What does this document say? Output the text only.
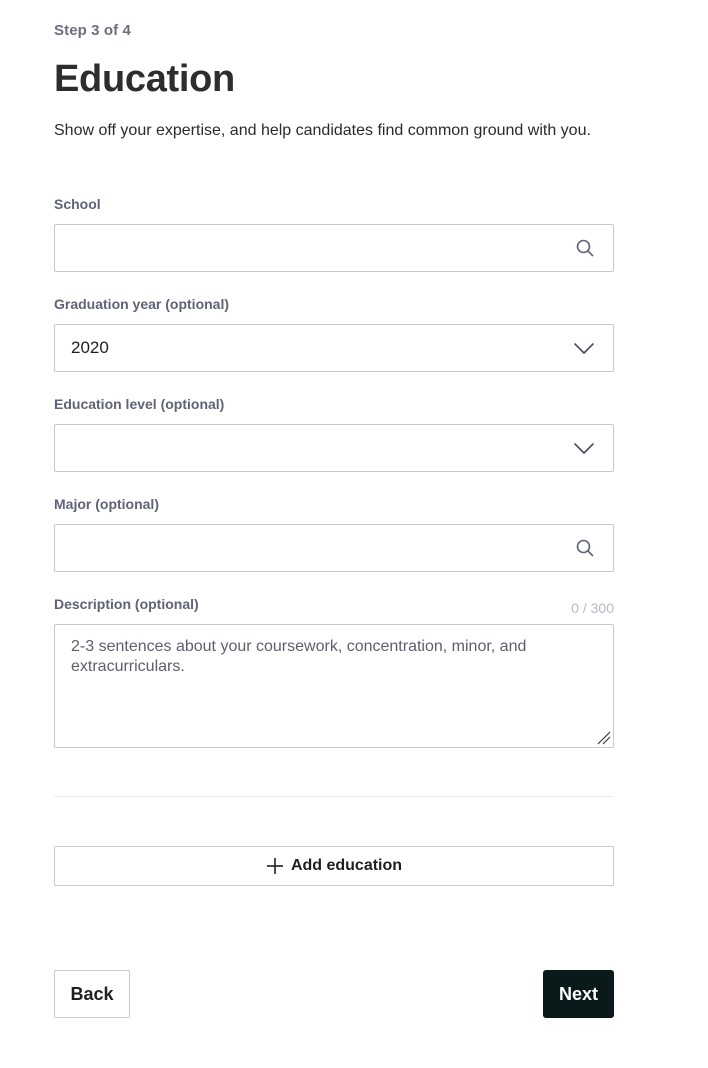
Step 3 of 4
Education
Show off your expertise, and help candidates find common ground with you.
School
Graduation year (optional)
2020
Education level (optional)
Major (optional)
Description (optional)	0 / 300
2-3 sentences about your coursework, concentration, minor, and extracurriculars.
Add education
Back	Next
